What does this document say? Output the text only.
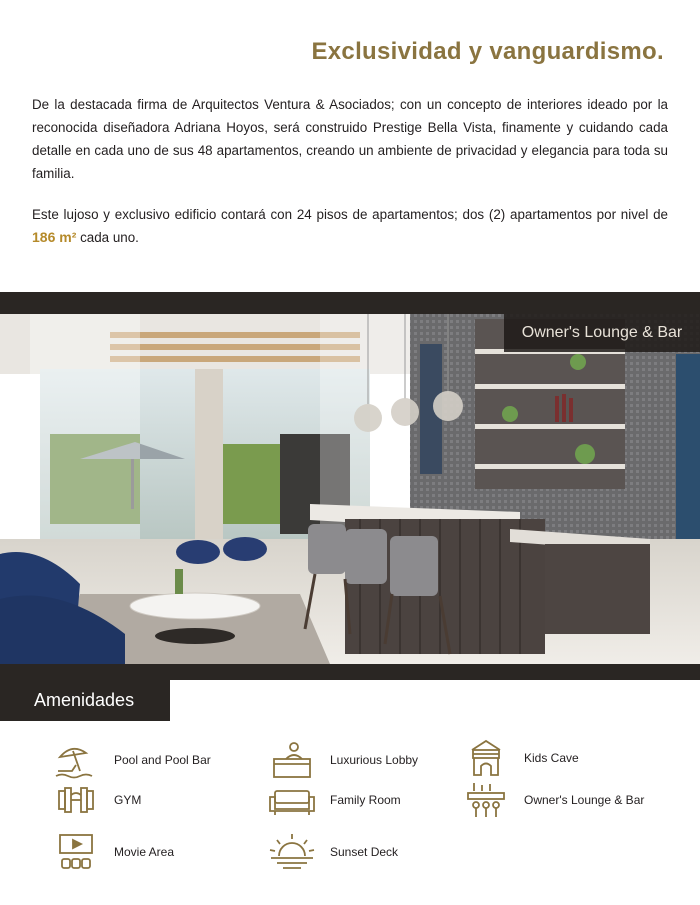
Exclusividad y vanguardismo.
De la destacada firma de Arquitectos Ventura & Asociados; con un concepto de interiores ideado por la reconocida diseñadora Adriana Hoyos, será construido Prestige Bella Vista, finamente y cuidando cada detalle en cada uno de sus 48 apartamentos, creando un ambiente de privacidad y elegancia para toda su familia.
Este lujoso y exclusivo edificio contará con 24 pisos de apartamentos; dos (2) apartamentos por nivel de 186 m² cada uno.
Owner's Lounge & Bar
Amenidades
Pool and Pool Bar	Luxurious Lobby	Kids Cave
GYM	Family Room	Owner's Lounge & Bar
Movie Area	Sunset Deck
